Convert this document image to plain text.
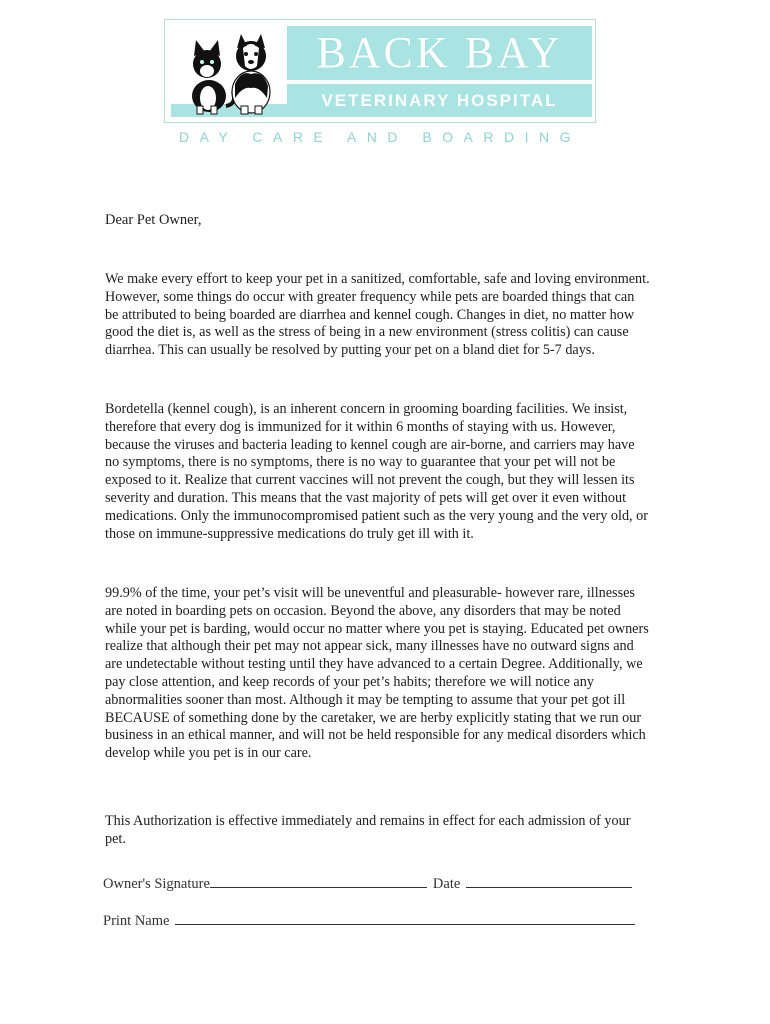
BACK BAY
VETERINARY HOSPITAL
DAY CARE AND BOARDING
Dear Pet Owner,

We make every effort to keep your pet in a sanitized, comfortable, safe and loving environment. However, some things do occur with greater frequency while pets are boarded things that can be attributed to being boarded are diarrhea and kennel cough. Changes in diet, no matter how good the diet is, as well as the stress of being in a new environment (stress colitis) can cause diarrhea. This can usually be resolved by putting your pet on a bland diet for 5-7 days.

Bordetella (kennel cough), is an inherent concern in grooming boarding facilities. We insist, therefore that every dog is immunized for it within 6 months of staying with us. However, because the viruses and bacteria leading to kennel cough are air-borne, and carriers may have no symptoms, there is no symptoms, there is no way to guarantee that your pet will not be exposed to it. Realize that current vaccines will not prevent the cough, but they will lessen its severity and duration. This means that the vast majority of pets will get over it even without medications. Only the immunocompromised patient such as the very young and the very old, or those on immune-suppressive medications do truly get ill with it.

99.9% of the time, your pet’s visit will be uneventful and pleasurable- however rare, illnesses are noted in boarding pets on occasion. Beyond the above, any disorders that may be noted while your pet is barding, would occur no matter where you pet is staying. Educated pet owners realize that although their pet may not appear sick, many illnesses have no outward signs and are undetectable without testing until they have advanced to a certain Degree. Additionally, we pay close attention, and keep records of your pet’s habits; therefore we will notice any abnormalities sooner than most. Although it may be tempting to assume that your pet got ill BECAUSE of something done by the caretaker, we are herby explicitly stating that we run our business in an ethical manner, and will not be held responsible for any medical disorders which develop while you pet is in our care.

This Authorization is effective immediately and remains in effect for each admission of your pet.

Owner's Signature	Date
Print Name
